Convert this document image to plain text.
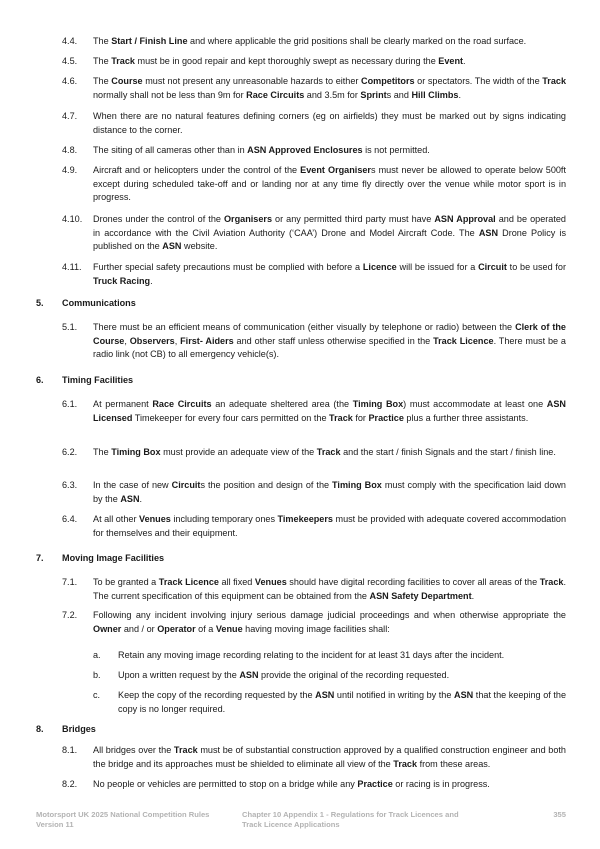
4.4.	The Start / Finish Line and where applicable the grid positions shall be clearly marked on the road surface.
4.5.	The Track must be in good repair and kept thoroughly swept as necessary during the Event.
4.6.	The Course must not present any unreasonable hazards to either Competitors or spectators. The width of the Track normally shall not be less than 9m for Race Circuits and 3.5m for Sprints and Hill Climbs.
4.7.	When there are no natural features defining corners (eg on airfields) they must be marked out by signs indicating distance to the corner.
4.8.	The siting of all cameras other than in ASN Approved Enclosures is not permitted.
4.9.	Aircraft and or helicopters under the control of the Event Organisers must never be allowed to operate below 500ft except during scheduled take-off and or landing nor at any time fly directly over the venue while motor sport is in progress.
4.10.	Drones under the control of the Organisers or any permitted third party must have ASN Approval and be operated in accordance with the Civil Aviation Authority (‘CAA’) Drone and Model Aircraft Code. The ASN Drone Policy is published on the ASN website.
4.11.	Further special safety precautions must be complied with before a Licence will be issued for a Circuit to be used for Truck Racing.
5. Communications
5.1.	There must be an efficient means of communication (either visually by telephone or radio) between the Clerk of the Course, Observers, First- Aiders and other staff unless otherwise specified in the Track Licence. There must be a radio link (not CB) to all emergency vehicle(s).
6. Timing Facilities
6.1.	At permanent Race Circuits an adequate sheltered area (the Timing Box) must accommodate at least one ASN Licensed Timekeeper for every four cars permitted on the Track for Practice plus a further three assistants.
6.2.	The Timing Box must provide an adequate view of the Track and the start / finish Signals and the start / finish line.
6.3.	In the case of new Circuits the position and design of the Timing Box must comply with the specification laid down by the ASN.
6.4.	At all other Venues including temporary ones Timekeepers must be provided with adequate covered accommodation for themselves and their equipment.
7. Moving Image Facilities
7.1.	To be granted a Track Licence all fixed Venues should have digital recording facilities to cover all areas of the Track. The current specification of this equipment can be obtained from the ASN Safety Department.
7.2.	Following any incident involving injury serious damage judicial proceedings and when otherwise appropriate the Owner and / or Operator of a Venue having moving image facilities shall:
a. Retain any moving image recording relating to the incident for at least 31 days after the incident.
b. Upon a written request by the ASN provide the original of the recording requested.
c. Keep the copy of the recording requested by the ASN until notified in writing by the ASN that the keeping of the copy is no longer required.
8. Bridges
8.1.	All bridges over the Track must be of substantial construction approved by a qualified construction engineer and both the bridge and its approaches must be shielded to eliminate all view of the Track from these areas.
8.2.	No people or vehicles are permitted to stop on a bridge while any Practice or racing is in progress.
Motorsport UK 2025 National Competition Rules
Version 11
Chapter 10 Appendix 1 - Regulations for Track Licences and
Track Licence Applications
355
